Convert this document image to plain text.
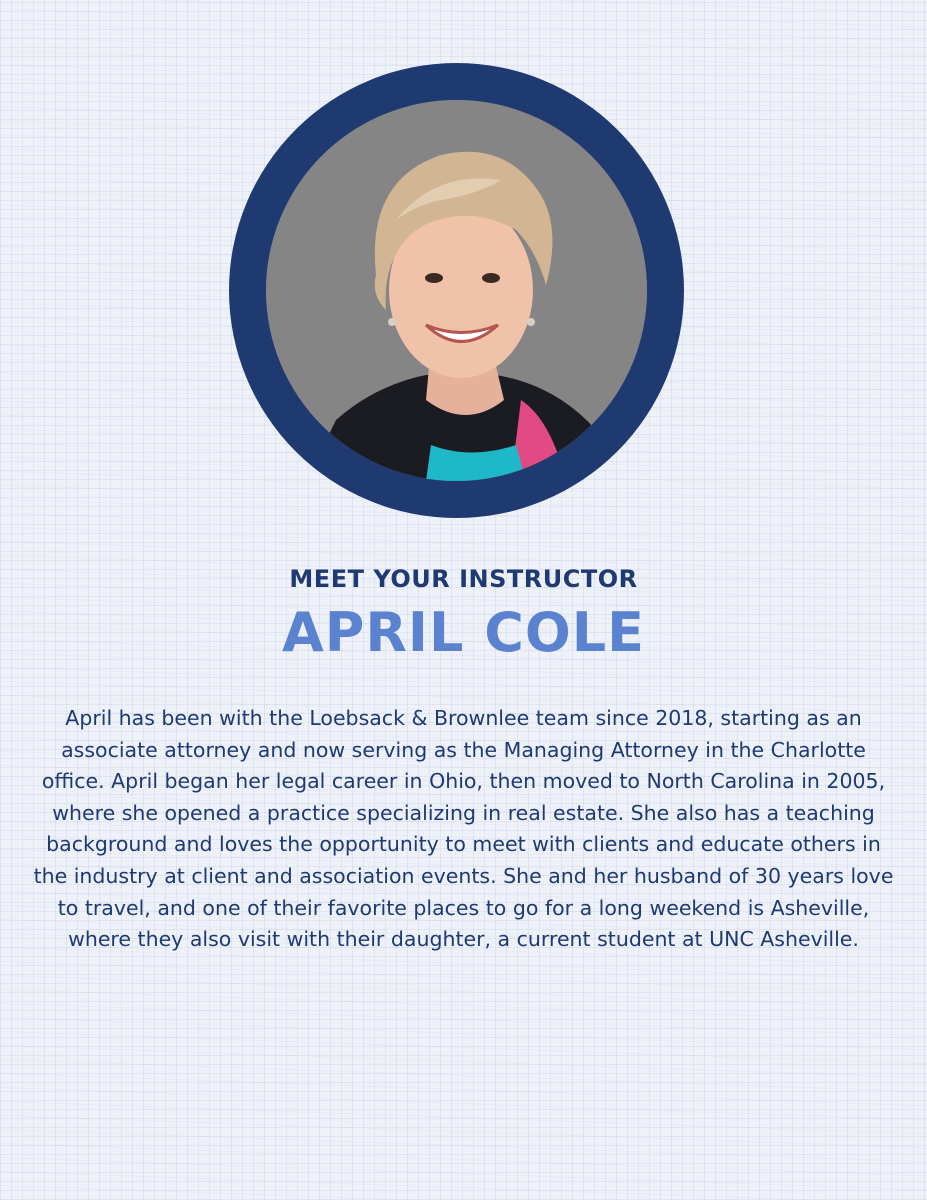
MEET YOUR INSTRUCTOR
APRIL COLE

April has been with the Loebsack & Brownlee team since 2018, starting as an associate attorney and now serving as the Managing Attorney in the Charlotte office. April began her legal career in Ohio, then moved to North Carolina in 2005, where she opened a practice specializing in real estate. She also has a teaching background and loves the opportunity to meet with clients and educate others in the industry at client and association events. She and her husband of 30 years love to travel, and one of their favorite places to go for a long weekend is Asheville, where they also visit with their daughter, a current student at UNC Asheville.
